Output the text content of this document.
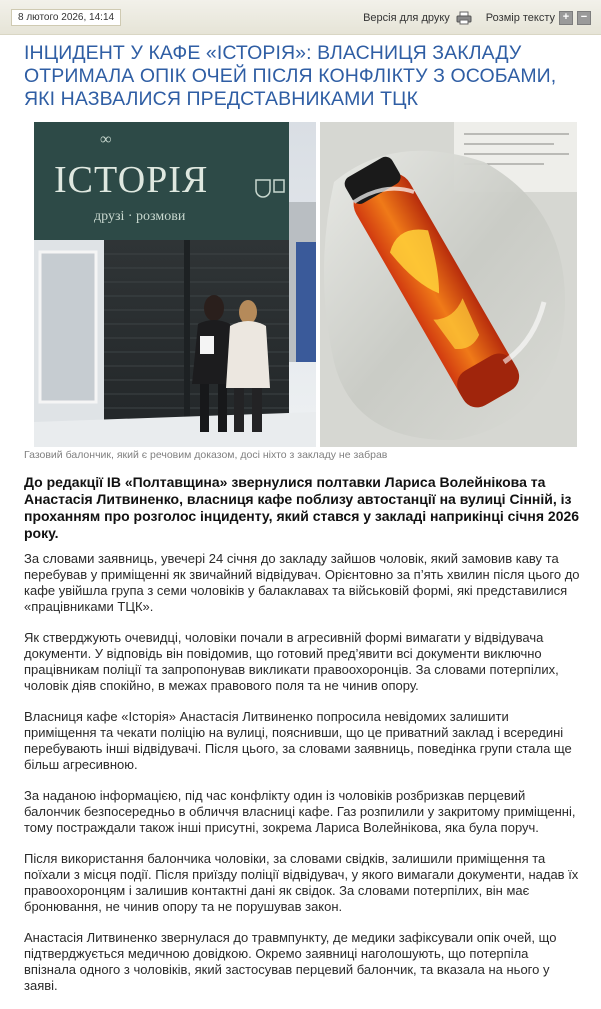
8 лютого 2026, 14:14	Версія для друку	Розмір тексту +	−
ІНЦИДЕНТ У КАФЕ «ІСТОРІЯ»: ВЛАСНИЦЯ ЗАКЛАДУ ОТРИМАЛА ОПІК ОЧЕЙ ПІСЛЯ КОНФЛІКТУ З ОСОБАМИ, ЯКІ НАЗВАЛИСЯ ПРЕДСТАВНИКАМИ ТЦК
∞
ІСТОРІЯ
друзі · розмови
Газовий балончик, який є речовим доказом, досі ніхто з закладу не забрав

До редакції IВ «Полтавщина» звернулися полтавки Лариса Волейнікова та Анастасія Литвиненко, власниця кафе поблизу автостанції на вулиці Сінній, із проханням про розголос інциденту, який стався у закладі наприкінці січня 2026 року.

За словами заявниць, увечері 24 січня до закладу зайшов чоловік, який замовив каву та перебував у приміщенні як звичайний відвідувач. Орієнтовно за п’ять хвилин після цього до кафе увійшла група з семи чоловіків у балаклавах та військовій формі, які представилися «працівниками ТЦК».

Як стверджують очевидці, чоловіки почали в агресивній формі вимагати у відвідувача документи. У відповідь він повідомив, що готовий пред’явити всі документи виключно працівникам поліції та запропонував викликати правоохоронців. За словами потерпілих, чоловік діяв спокійно, в межах правового поля та не чинив опору.

Власниця кафе «Історія» Анастасія Литвиненко попросила невідомих залишити приміщення та чекати поліцію на вулиці, пояснивши, що це приватний заклад і всередині перебувають інші відвідувачі. Після цього, за словами заявниць, поведінка групи стала ще більш агресивною.

За наданою інформацією, під час конфлікту один із чоловіків розбризкав перцевий балончик безпосередньо в обличчя власниці кафе. Газ розпилили у закритому приміщенні, тому постраждали також інші присутні, зокрема Лариса Волейнікова, яка була поруч.

Після використання балончика чоловіки, за словами свідків, залишили приміщення та поїхали з місця події. Після приїзду поліції відвідувач, у якого вимагали документи, надав їх правоохоронцям і залишив контактні дані як свідок. За словами потерпілих, він має бронювання, не чинив опору та не порушував закон.

Анастасія Литвиненко звернулася до травмпункту, де медики зафіксували опік очей, що підтверджується медичною довідкою. Окремо заявниці наголошують, що потерпіла впізнала одного з чоловіків, який застосував перцевий балончик, та вказала на нього у заяві.
